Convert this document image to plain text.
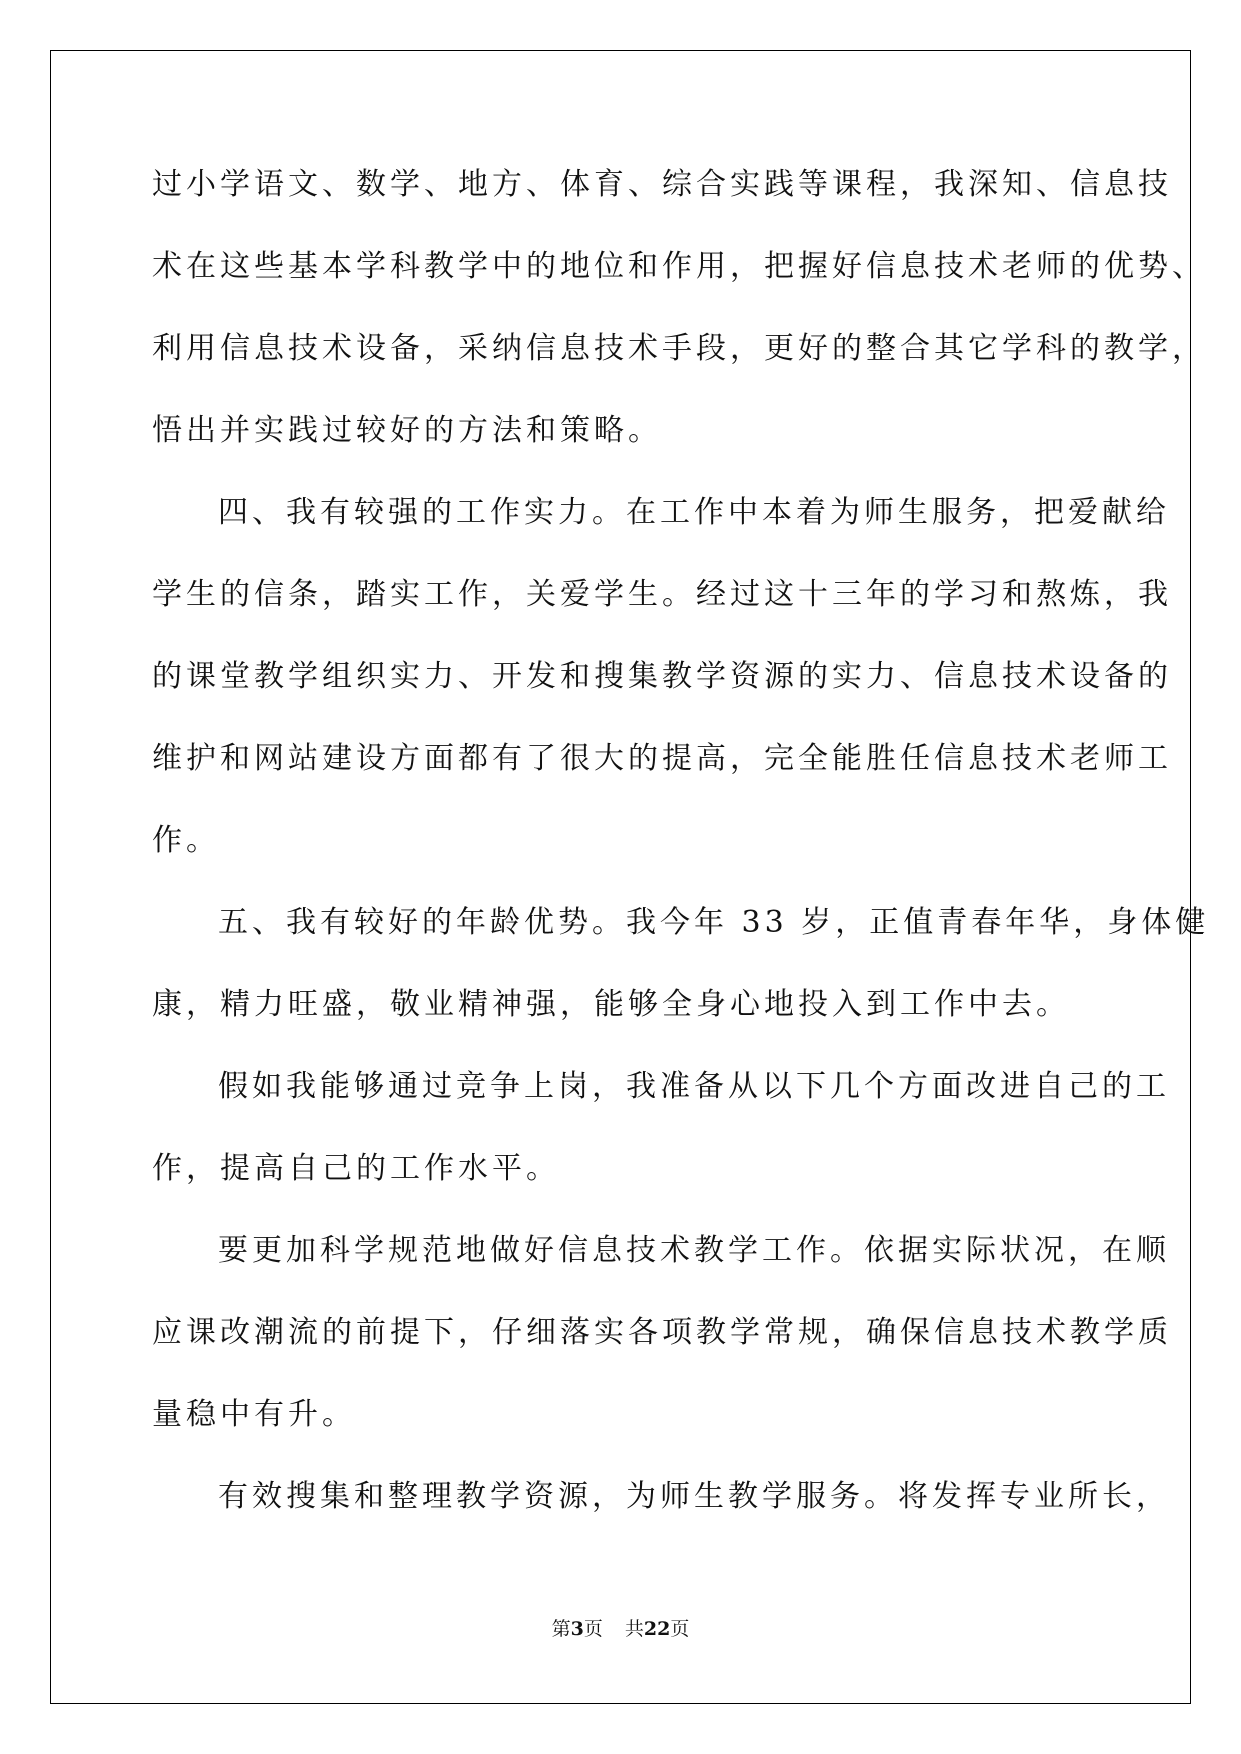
过小学语文、数学、地方、体育、综合实践等课程，我深知、信息技
术在这些基本学科教学中的地位和作用，把握好信息技术老师的优势、
利用信息技术设备，采纳信息技术手段，更好的整合其它学科的教学，
悟出并实践过较好的方法和策略。
四、我有较强的工作实力。在工作中本着为师生服务，把爱献给
学生的信条，踏实工作，关爱学生。经过这十三年的学习和熬炼，我
的课堂教学组织实力、开发和搜集教学资源的实力、信息技术设备的
维护和网站建设方面都有了很大的提高，完全能胜任信息技术老师工
作。
五、我有较好的年龄优势。我今年 33 岁，正值青春年华，身体健
康，精力旺盛，敬业精神强，能够全身心地投入到工作中去。
假如我能够通过竞争上岗，我准备从以下几个方面改进自己的工
作，提高自己的工作水平。
要更加科学规范地做好信息技术教学工作。依据实际状况，在顺
应课改潮流的前提下，仔细落实各项教学常规，确保信息技术教学质
量稳中有升。
有效搜集和整理教学资源，为师生教学服务。将发挥专业所长，
第3页 共22页
